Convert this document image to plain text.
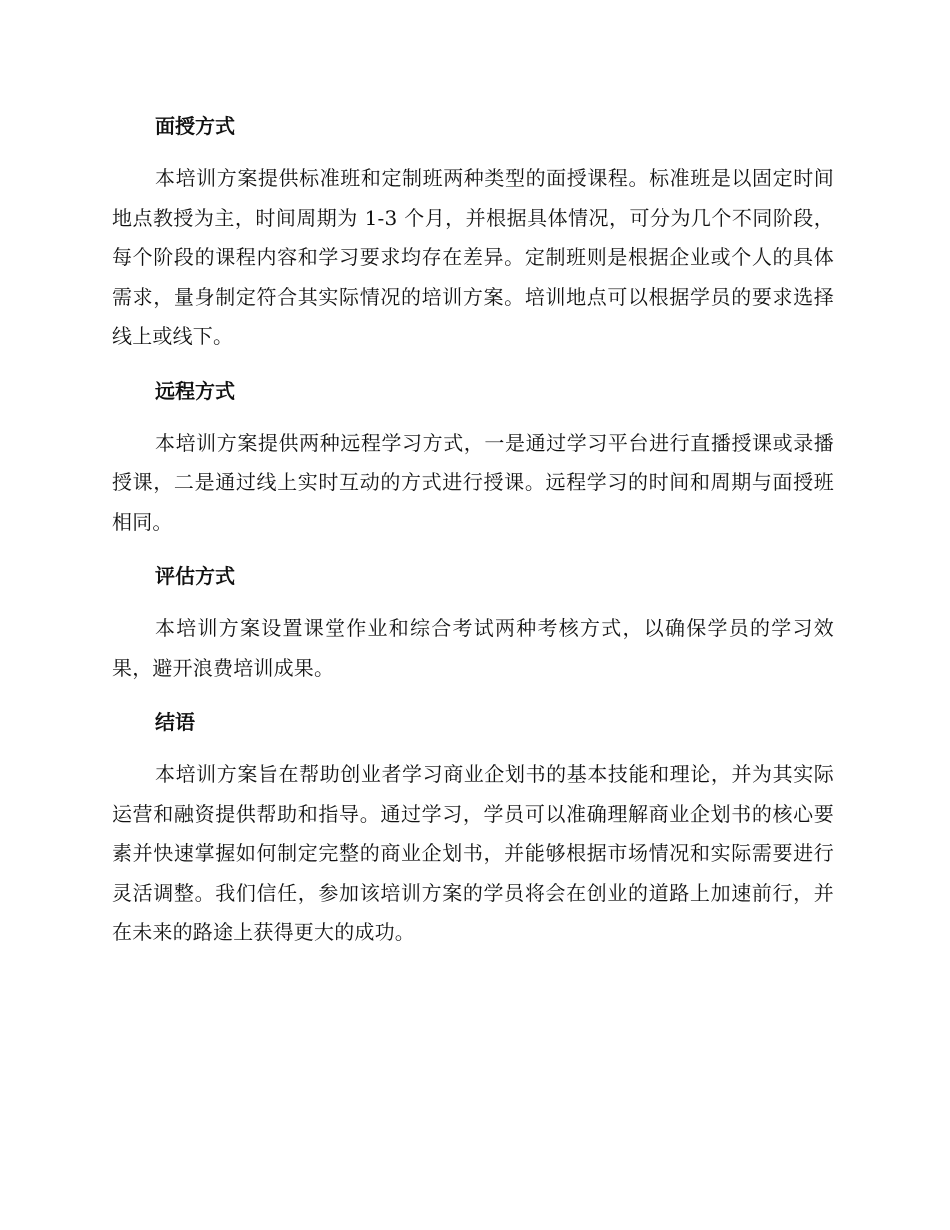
面授方式

本培训方案提供标准班和定制班两种类型的面授课程。标准班是以固定时间地点教授为主，时间周期为 1-3 个月，并根据具体情况，可分为几个不同阶段，每个阶段的课程内容和学习要求均存在差异。定制班则是根据企业或个人的具体需求，量身制定符合其实际情况的培训方案。培训地点可以根据学员的要求选择线上或线下。

远程方式

本培训方案提供两种远程学习方式，一是通过学习平台进行直播授课或录播授课，二是通过线上实时互动的方式进行授课。远程学习的时间和周期与面授班相同。

评估方式

本培训方案设置课堂作业和综合考试两种考核方式，以确保学员的学习效果，避开浪费培训成果。

结语

本培训方案旨在帮助创业者学习商业企划书的基本技能和理论，并为其实际运营和融资提供帮助和指导。通过学习，学员可以准确理解商业企划书的核心要素并快速掌握如何制定完整的商业企划书，并能够根据市场情况和实际需要进行灵活调整。我们信任，参加该培训方案的学员将会在创业的道路上加速前行，并在未来的路途上获得更大的成功。
